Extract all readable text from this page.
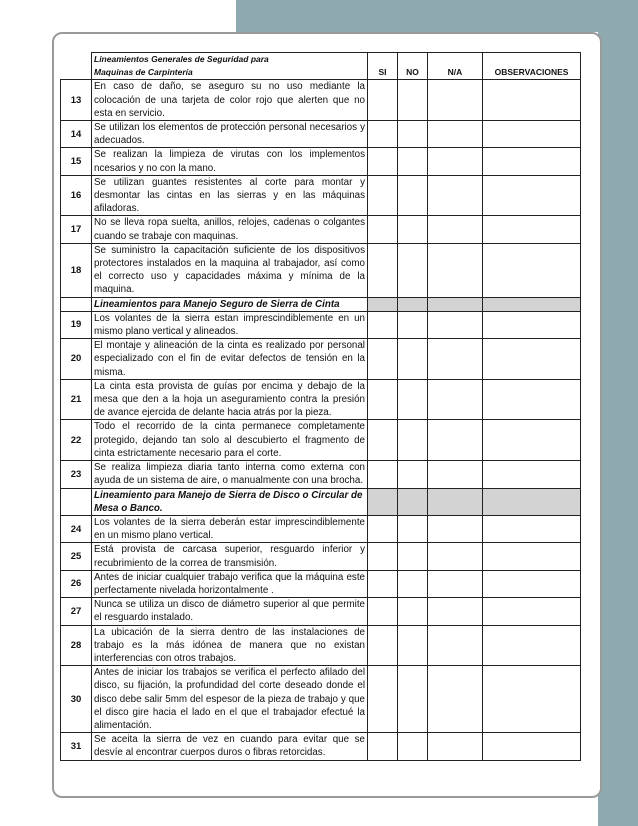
	Lineamientos Generales de Seguridad para
Maquinas de Carpintería	SI	NO	N/A	OBSERVACIONES
13	En caso de daño, se aseguro su no uso mediante la colocación de una tarjeta de color rojo que alerten que no esta en servicio.				
14	Se utilizan los elementos de protección personal necesarios y adecuados.				
15	Se realizan la limpieza de virutas con los implementos ncesarios y no con la mano.				
16	Se utilizan guantes resistentes al corte para montar y desmontar las cintas en las sierras y en las máquinas afiladoras.				
17	No se lleva ropa suelta, anillos, relojes, cadenas o colgantes cuando se trabaje con maquinas.				
18	Se suministro la capacitación suficiente de los dispositivos protectores instalados en la maquina al trabajador, así como el correcto uso y capacidades máxima y mínima de la maquina.				
	Lineamientos para Manejo Seguro de Sierra de Cinta				
19	Los volantes de la sierra estan imprescindiblemente en un mismo plano vertical y alineados.				
20	El montaje y alineación de la cinta es realizado por personal especializado con el fin de evitar defectos de tensión en la misma.				
21	La cinta esta provista de guías por encima y debajo de la mesa que den a la hoja un aseguramiento contra la presión de avance ejercida de delante hacia atrás por la pieza.				
22	Todo el recorrido de la cinta permanece completamente protegido, dejando tan solo al descubierto el fragmento de cinta estrictamente necesario para el corte.				
23	Se realiza limpieza diaria tanto interna como externa con ayuda de un sistema de aire, o manualmente con una brocha.				
	Lineamiento para Manejo de Sierra de Disco o Circular de Mesa o Banco.				
24	Los volantes de la sierra deberán estar imprescindiblemente en un mismo plano vertical.				
25	Está provista de carcasa superior, resguardo inferior y recubrimiento de la correa de transmisión.				
26	Antes de iniciar cualquier trabajo verifica que la máquina este perfectamente nivelada horizontalmente .				
27	Nunca se utiliza un disco de diámetro superior al que permite el resguardo instalado.				
28	La ubicación de la sierra dentro de las instalaciones de trabajo es la más idónea de manera que no existan interferencias con otros trabajos.				
30	Antes de iniciar los trabajos se verifica el perfecto afilado del disco, su fijación, la profundidad del corte deseado donde el disco debe salir 5mm del espesor de la pieza de trabajo y que el disco gire hacia el lado en el que el trabajador efectué la alimentación.				
31	Se aceita la sierra de vez en cuando para evitar que se desvíe al encontrar cuerpos duros o fibras retorcidas.				
37
